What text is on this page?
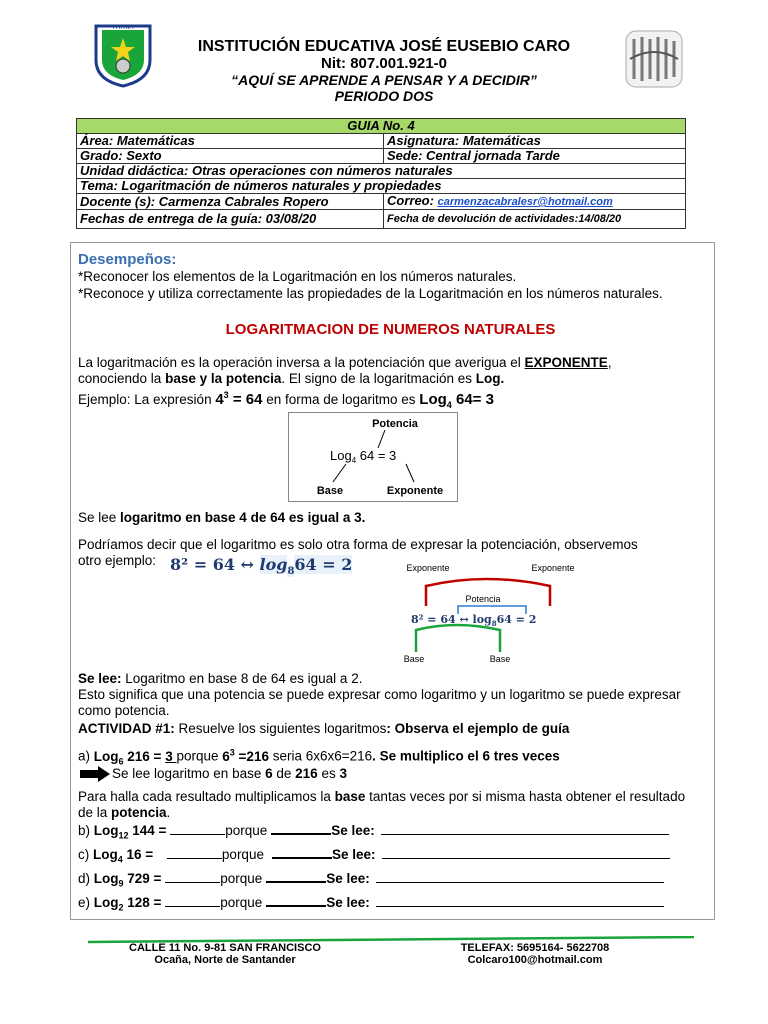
PATRIA
INSTITUCIÓN EDUCATIVA JOSÉ EUSEBIO CARO
Nit: 807.001.921-0
“AQUÍ SE APRENDE A PENSAR Y A DECIDIR”
PERIODO DOS
GUIA No. 4	
Área: Matemáticas	Asignatura: Matemáticas
Grado: Sexto	Sede: Central jornada Tarde
Unidad didáctica: Otras operaciones con números naturales	
Tema: Logaritmación de números naturales y propiedades	
Docente (s): Carmenza Cabrales Ropero	Correo: carmenzacabralesr@hotmail.com
Fechas de entrega de la guía: 03/08/20	Fecha de devolución de actividades:14/08/20
Desempeños:
*Reconocer los elementos de la Logaritmación en los números naturales.
*Reconoce y utiliza correctamente las propiedades de la Logaritmación en los números naturales.
LOGARITMACION DE NUMEROS NATURALES
La logaritmación es la operación inversa a la potenciación que averigua el EXPONENTE,
conociendo la base y la potencia. El signo de la logaritmación es Log.
Ejemplo: La expresión $4^3 = 64$ en forma de logaritmo es Log$_4$ 64= 3
Potencia
Log$_4$ 64 = 3
Base	Exponente
Se lee logaritmo en base 4 de 64 es igual a 3.
Podríamos decir que el logaritmo es solo otra forma de expresar la potenciación, observemos
otro ejemplo: 8² = 64 ↔ $\log_864 = 2$	Exponente	Exponente
Potencia
8² = 64 ↔ $\log_864 = 2$
Base	Base
Se lee: Logaritmo en base 8 de 64 es igual a 2.
Esto significa que una potencia se puede expresar como logaritmo y un logaritmo se puede expresar como potencia.
ACTIVIDAD #1: Resuelve los siguientes logaritmos: Observa el ejemplo de guía
a) Log$_6$ 216 = 3 porque $6^3 =216$ seria 6x6x6=216. Se multiplico el 6 tres veces
Se lee logaritmo en base 6 de 216 es 3
Para halla cada resultado multiplicamos la base tantas veces por si misma hasta obtener el resultado de la potencia.
b) Log$_{12}$ 144 =	porque	Se lee:
c) Log$_4$ 16 =	porque	Se lee:
d) Log$_9$ 729 =	porque	Se lee:
e) Log$_2$ 128 =	porque	Se lee:
CALLE 11 No. 9-81 SAN FRANCISCO
Ocaña, Norte de Santander
TELEFAX: 5695164- 5622708
Colcaro100@hotmail.com
